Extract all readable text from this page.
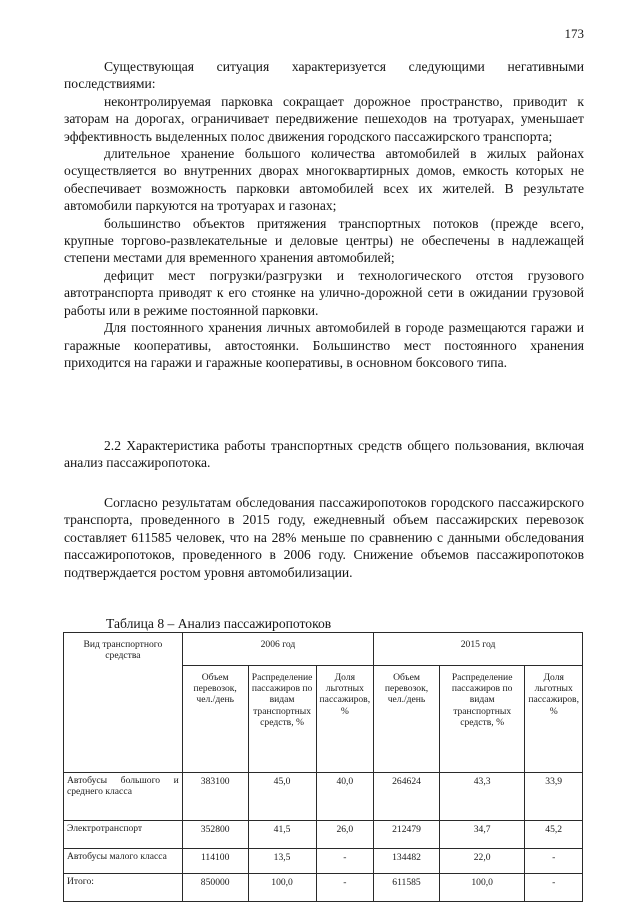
173

Существующая ситуация характеризуется следующими негативными последствиями:

неконтролируемая парковка сокращает дорожное пространство, приводит к заторам на дорогах, ограничивает передвижение пешеходов на тротуарах, уменьшает эффективность выделенных полос движения городского пассажирского транспорта;

длительное хранение большого количества автомобилей в жилых районах осуществляется во внутренних дворах многоквартирных домов, емкость которых не обеспечивает возможность парковки автомобилей всех их жителей. В результате автомобили паркуются на тротуарах и газонах;

большинство объектов притяжения транспортных потоков (прежде всего, крупные торгово-развлекательные и деловые центры) не обеспечены в надлежащей степени местами для временного хранения автомобилей;

дефицит мест погрузки/разгрузки и технологического отстоя грузового автотранспорта приводят к его стоянке на улично-дорожной сети в ожидании грузовой работы или в режиме постоянной парковки.

Для постоянного хранения личных автомобилей в городе размещаются гаражи и гаражные кооперативы, автостоянки. Большинство мест постоянного хранения приходится на гаражи и гаражные кооперативы, в основном боксового типа.

2.2 Характеристика работы транспортных средств общего пользования, включая анализ пассажиропотока.

Согласно результатам обследования пассажиропотоков городского пассажирского транспорта, проведенного в 2015 году, ежедневный объем пассажирских перевозок составляет 611585 человек, что на 28% меньше по сравнению с данными обследования пассажиропотоков, проведенного в 2006 году. Снижение объемов пассажиропотоков подтверждается ростом уровня автомобилизации.

Таблица 8 – Анализ пассажиропотоков

Вид транспортного средства	2006 год			2015 год		
	Объем перевозок, чел./день	Распределение пассажиров по видам транспортных средств, %	Доля льготных пассажиров, %	Объем перевозок, чел./день	Распределение пассажиров по видам транспортных средств, %	Доля льготных пассажиров, %
Автобусы большого и среднего класса	383100	45,0	40,0	264624	43,3	33,9
Электротранспорт	352800	41,5	26,0	212479	34,7	45,2
Автобусы малого класса	114100	13,5	-	134482	22,0	-
Итого:	850000	100,0	-	611585	100,0	-
